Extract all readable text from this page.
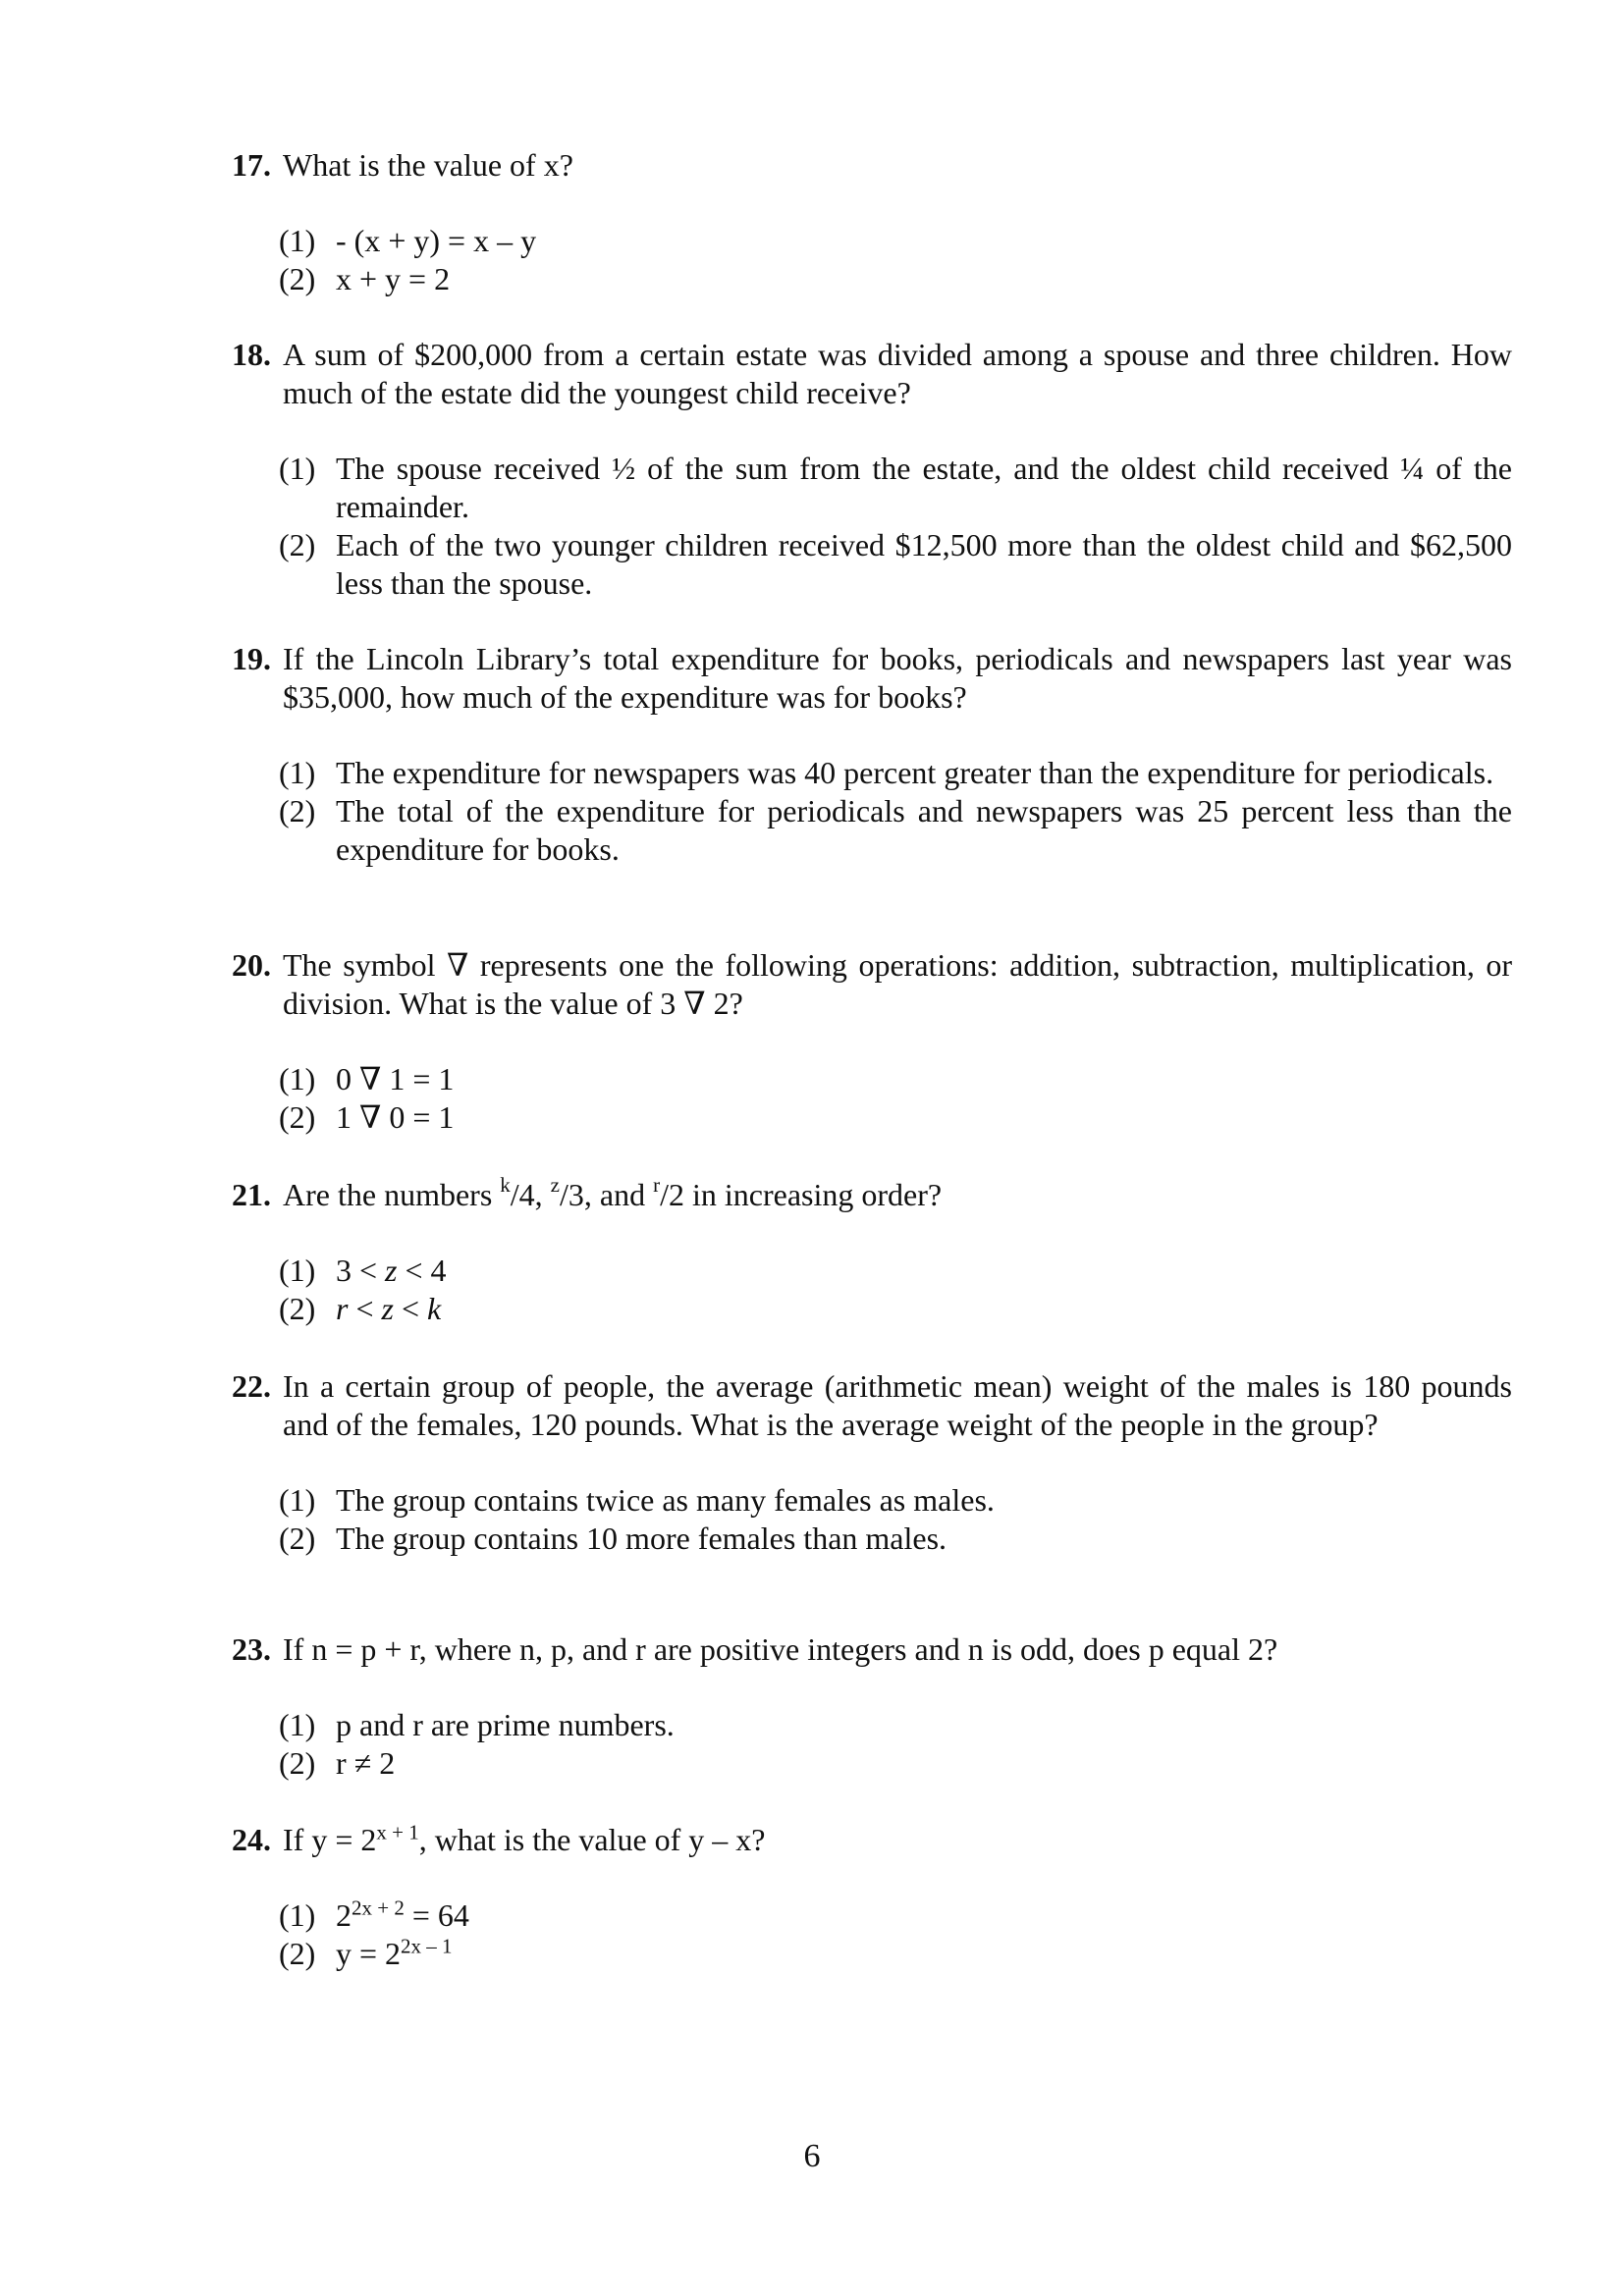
17. What is the value of x?
(1) - (x + y) = x – y
(2) x + y = 2
18. A sum of $200,000 from a certain estate was divided among a spouse and three children. How much of the estate did the youngest child receive?
(1) The spouse received ½ of the sum from the estate, and the oldest child received ¼ of the remainder.
(2) Each of the two younger children received $12,500 more than the oldest child and $62,500 less than the spouse.
19. If the Lincoln Library’s total expenditure for books, periodicals and newspapers last year was $35,000, how much of the expenditure was for books?
(1) The expenditure for newspapers was 40 percent greater than the expenditure for periodicals.
(2) The total of the expenditure for periodicals and newspapers was 25 percent less than the expenditure for books.
20. The symbol ∇ represents one the following operations: addition, subtraction, multiplication, or division. What is the value of 3 ∇ 2?
(1) 0 ∇ 1 = 1
(2) 1 ∇ 0 = 1
21. Are the numbers $^k$/4, $^z$/3, and $^r$/2 in increasing order?
(1) 3 < z < 4
(2) r < z < k
22. In a certain group of people, the average (arithmetic mean) weight of the males is 180 pounds and of the females, 120 pounds. What is the average weight of the people in the group?
(1) The group contains twice as many females as males.
(2) The group contains 10 more females than males.
23. If n = p + r, where n, p, and r are positive integers and n is odd, does p equal 2?
(1) p and r are prime numbers.
(2) r ≠ 2
24. If $y = 2^{x + 1}$, what is the value of y – x?
(1) $2^{2x + 2} = 64$
(2) $y = 2^{2x - 1}$
6
